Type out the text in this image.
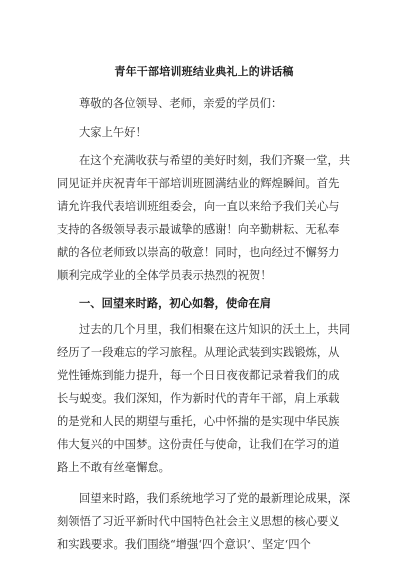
青年干部培训班结业典礼上的讲话稿
尊敬的各位领导、老师，亲爱的学员们：
大家上午好！
在这个充满收获与希望的美好时刻，我们齐聚一堂，共
同见证并庆祝青年干部培训班圆满结业的辉煌瞬间。首先
请允许我代表培训班组委会，向一直以来给予我们关心与
支持的各级领导表示最诚挚的感谢！向辛勤耕耘、无私奉
献的各位老师致以崇高的敬意！同时，也向经过不懈努力
顺利完成学业的全体学员表示热烈的祝贺！
一、回望来时路，初心如磐，使命在肩
过去的几个月里，我们相聚在这片知识的沃土上，共同
经历了一段难忘的学习旅程。从理论武装到实践锻炼，从
党性锤炼到能力提升，每一个日日夜夜都记录着我们的成
长与蜕变。我们深知，作为新时代的青年干部，肩上承载
的是党和人民的期望与重托，心中怀揣的是实现中华民族
伟大复兴的中国梦。这份责任与使命，让我们在学习的道
路上不敢有丝毫懈怠。
回望来时路，我们系统地学习了党的最新理论成果，深
刻领悟了习近平新时代中国特色社会主义思想的核心要义
和实践要求。我们围绕“增强‘四个意识’、坚定‘四个
